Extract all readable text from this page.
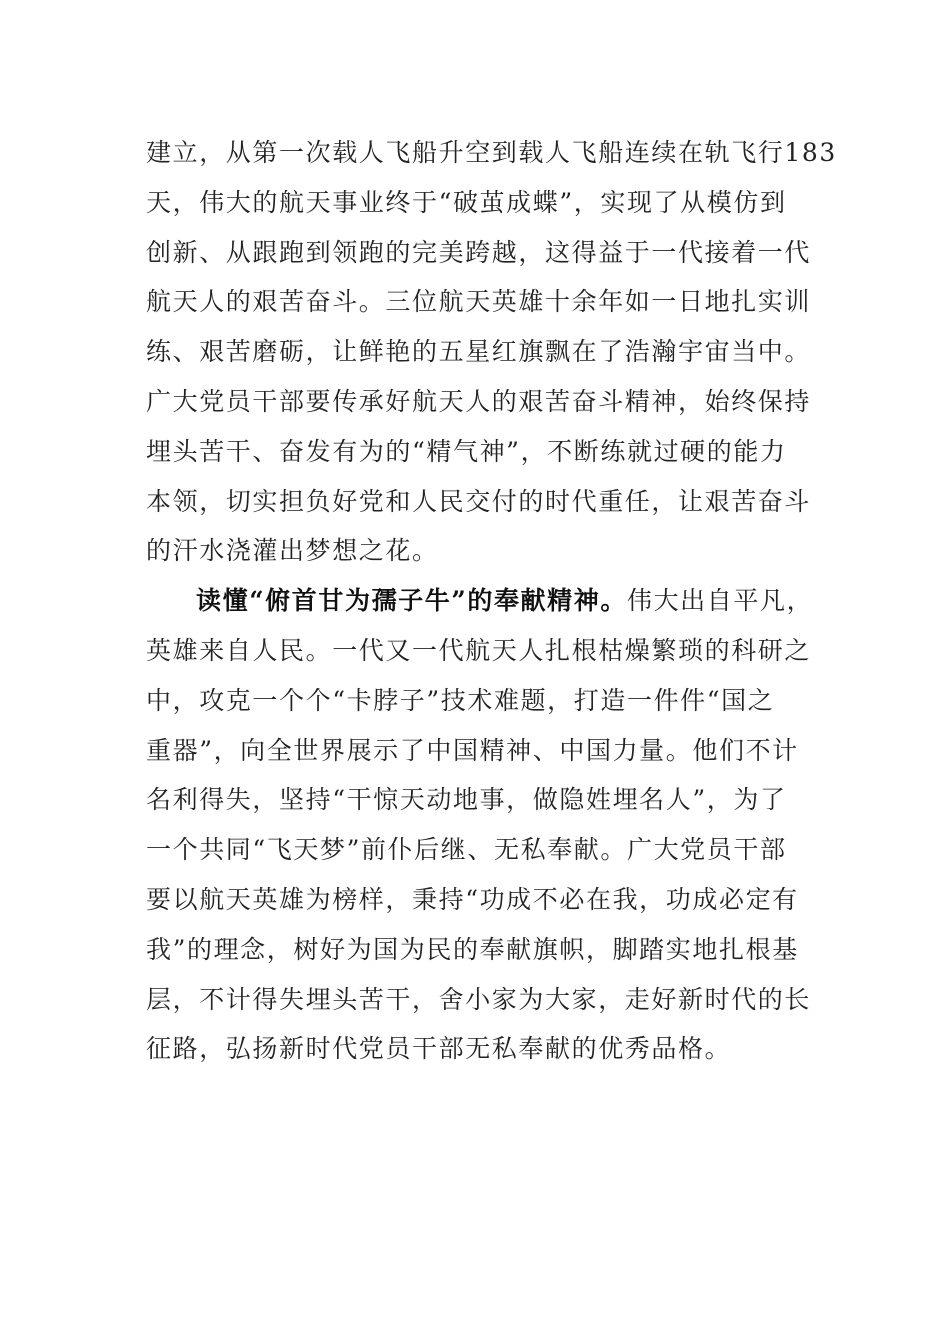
建立，从第一次载人飞船升空到载人飞船连续在轨飞行183
天，伟大的航天事业终于“破茧成蝶”，实现了从模仿到
创新、从跟跑到领跑的完美跨越，这得益于一代接着一代
航天人的艰苦奋斗。三位航天英雄十余年如一日地扎实训
练、艰苦磨砺，让鲜艳的五星红旗飘在了浩瀚宇宙当中。
广大党员干部要传承好航天人的艰苦奋斗精神，始终保持
埋头苦干、奋发有为的“精气神”，不断练就过硬的能力
本领，切实担负好党和人民交付的时代重任，让艰苦奋斗
的汗水浇灌出梦想之花。
读懂“俯首甘为孺子牛”的奉献精神。伟大出自平凡，
英雄来自人民。一代又一代航天人扎根枯燥繁琐的科研之
中，攻克一个个“卡脖子”技术难题，打造一件件“国之
重器”，向全世界展示了中国精神、中国力量。他们不计
名利得失，坚持“干惊天动地事，做隐姓埋名人”，为了
一个共同“飞天梦”前仆后继、无私奉献。广大党员干部
要以航天英雄为榜样，秉持“功成不必在我，功成必定有
我”的理念，树好为国为民的奉献旗帜，脚踏实地扎根基
层，不计得失埋头苦干，舍小家为大家，走好新时代的长
征路，弘扬新时代党员干部无私奉献的优秀品格。
